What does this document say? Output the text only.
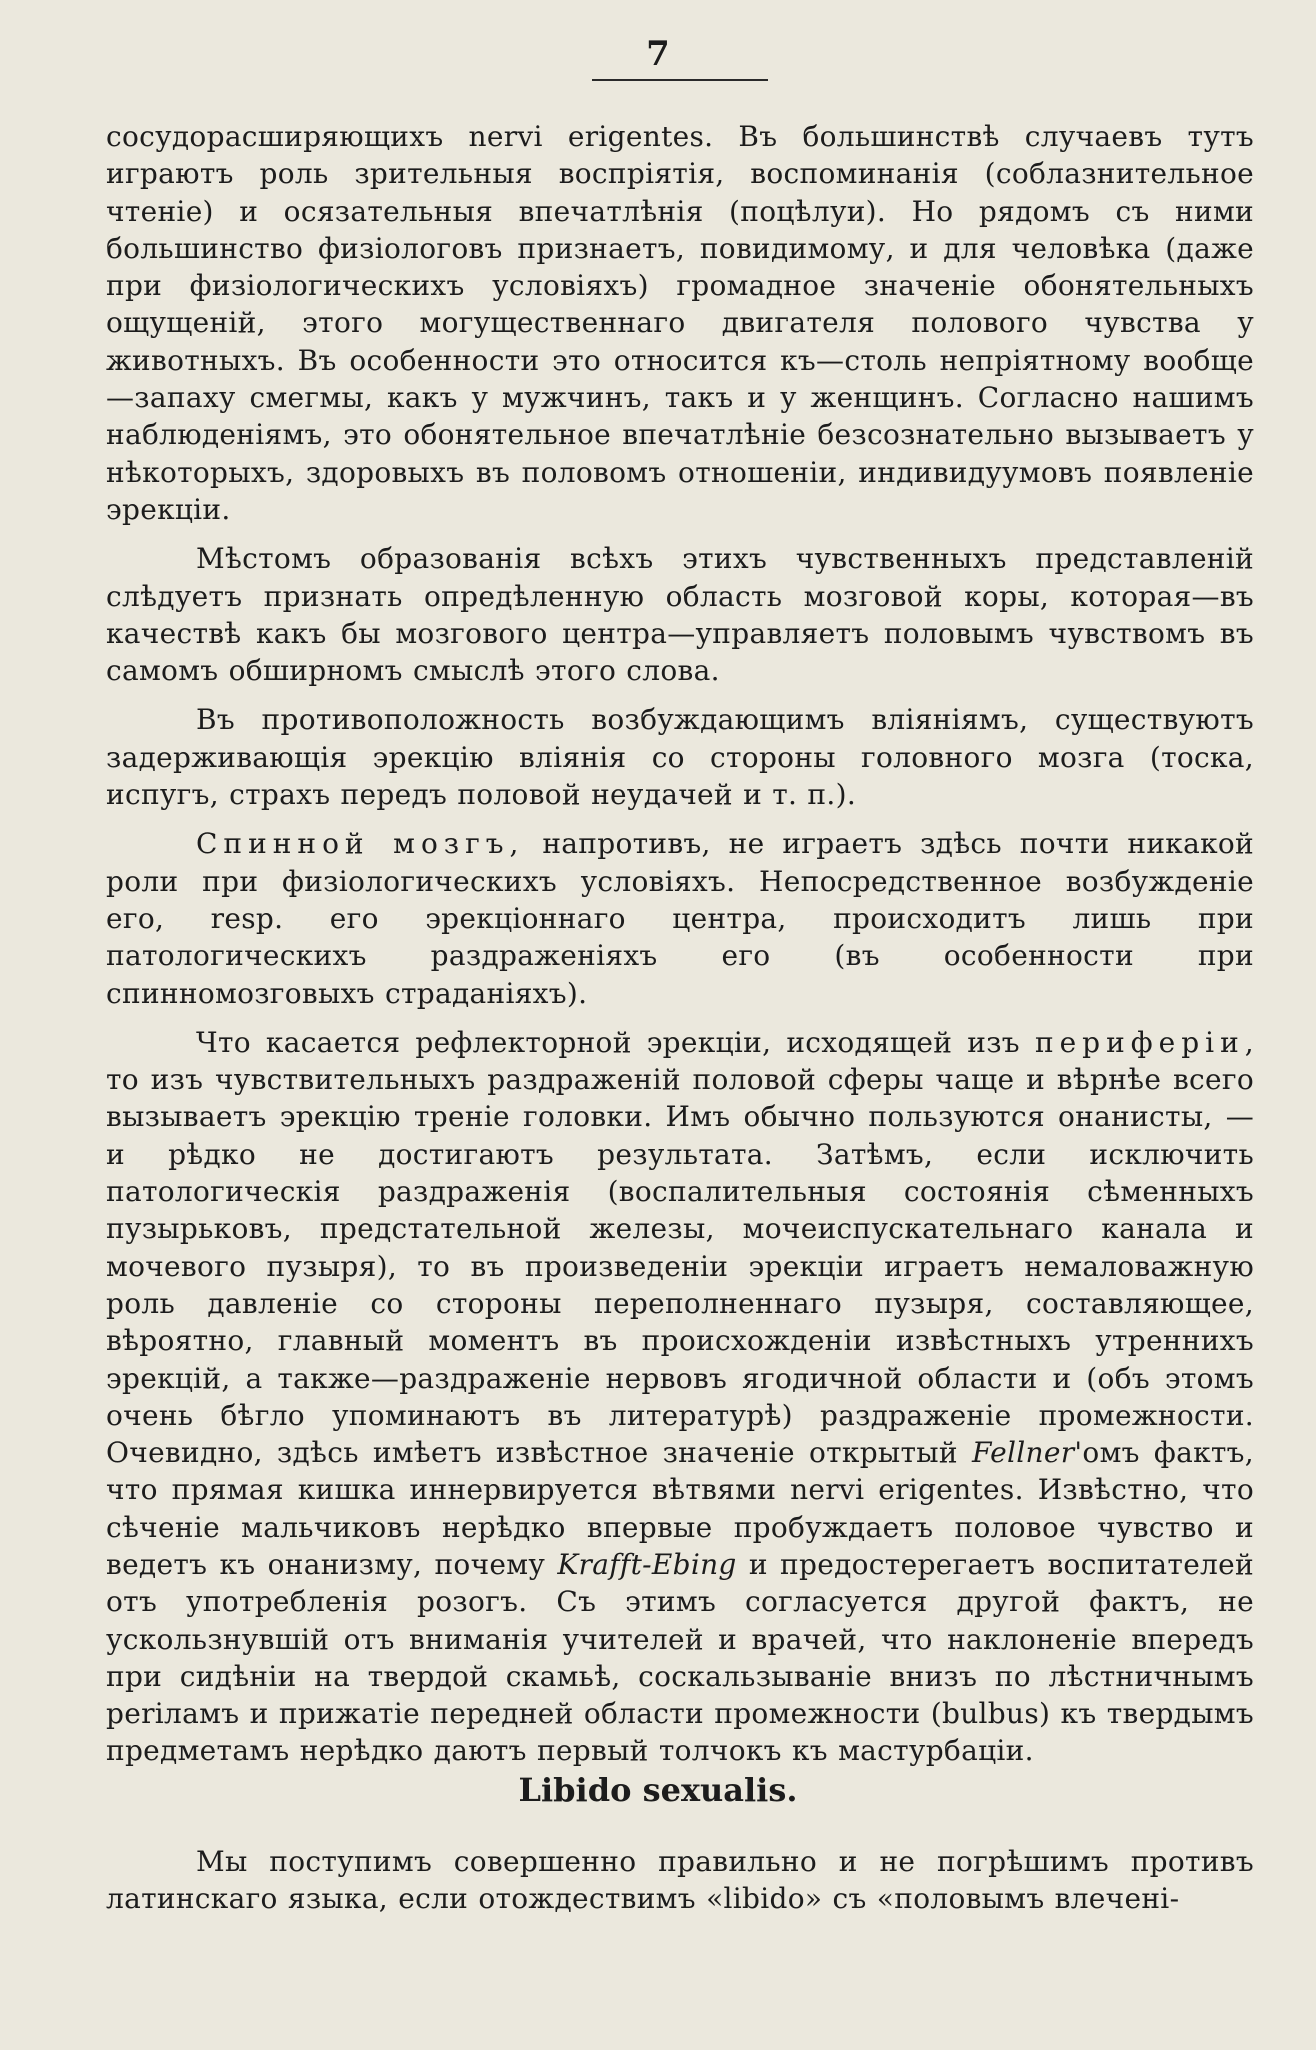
7

сосудорасширяющихъ nervi erigentes. Въ большинствѣ случаевъ тутъ играютъ роль зрительныя воспріятія, воспоминанія (соблазнительное чтеніе) и осязательныя впечатлѣнія (поцѣлуи). Но рядомъ съ ними большинство физіологовъ признаетъ, повидимому, и для человѣка (даже при физіологическихъ условіяхъ) громадное значеніе обонятельныхъ ощущеній, этого могущественнаго двигателя полового чувства у животныхъ. Въ особенности это относится къ—столь непріятному вообще—запаху смегмы, какъ у мужчинъ, такъ и у женщинъ. Согласно нашимъ наблюденіямъ, это обонятельное впечатлѣніе безсознательно вызываетъ у нѣкоторыхъ, здоровыхъ въ половомъ отношеніи, индивидуумовъ появленіе эрекціи.

Мѣстомъ образованія всѣхъ этихъ чувственныхъ представленій слѣдуетъ признать опредѣленную область мозговой коры, которая—въ качествѣ какъ бы мозгового центра—управляетъ половымъ чувствомъ въ самомъ обширномъ смыслѣ этого слова.

Въ противоположность возбуждающимъ вліяніямъ, существуютъ задерживающія эрекцію вліянія со стороны головного мозга (тоска, испугъ, страхъ передъ половой неудачей и т. п.).

Спинной мозгъ, напротивъ, не играетъ здѣсь почти никакой роли при физіологическихъ условіяхъ. Непосредственное возбужденіе его, resp. его эрекціоннаго центра, происходитъ лишь при патологическихъ раздраженіяхъ его (въ особенности при спинномозговыхъ страданіяхъ).

Что касается рефлекторной эрекціи, исходящей изъ периферіи, то изъ чувствительныхъ раздраженій половой сферы чаще и вѣрнѣе всего вызываетъ эрекцію треніе головки. Имъ обычно пользуются онанисты, — и рѣдко не достигаютъ результата. Затѣмъ, если исключить патологическія раздраженія (воспалительныя состоянія сѣменныхъ пузырьковъ, предстательной железы, мочеиспускательнаго канала и мочевого пузыря), то въ произведеніи эрекціи играетъ немаловажную роль давленіе со стороны переполненнаго пузыря, составляющее, вѣроятно, главный моментъ въ происхожденіи извѣстныхъ утреннихъ эрекцій, а также—раздраженіе нервовъ ягодичной области и (объ этомъ очень бѣгло упоминаютъ въ литературѣ) раздраженіе промежности. Очевидно, здѣсь имѣетъ извѣстное значеніе открытый Fellner'омъ фактъ, что прямая кишка иннервируется вѣтвями nervi erigentes. Извѣстно, что сѣченіе мальчиковъ нерѣдко впервые пробуждаетъ половое чувство и ведетъ къ онанизму, почему Krafft-Ebing и предостерегаетъ воспитателей отъ употребленія розогъ. Съ этимъ согласуется другой фактъ, не ускользнувшій отъ вниманія учителей и врачей, что наклоненіе впередъ при сидѣніи на твердой скамьѣ, соскальзываніе внизъ по лѣстничнымъ periламъ и прижатіе передней области промежности (bulbus) къ твердымъ предметамъ нерѣдко даютъ первый толчокъ къ мастурбаціи.

Libido sexualis.

Мы поступимъ совершенно правильно и не погрѣшимъ противъ латинскаго языка, если отождествимъ «libido» съ «половымъ влечені-
